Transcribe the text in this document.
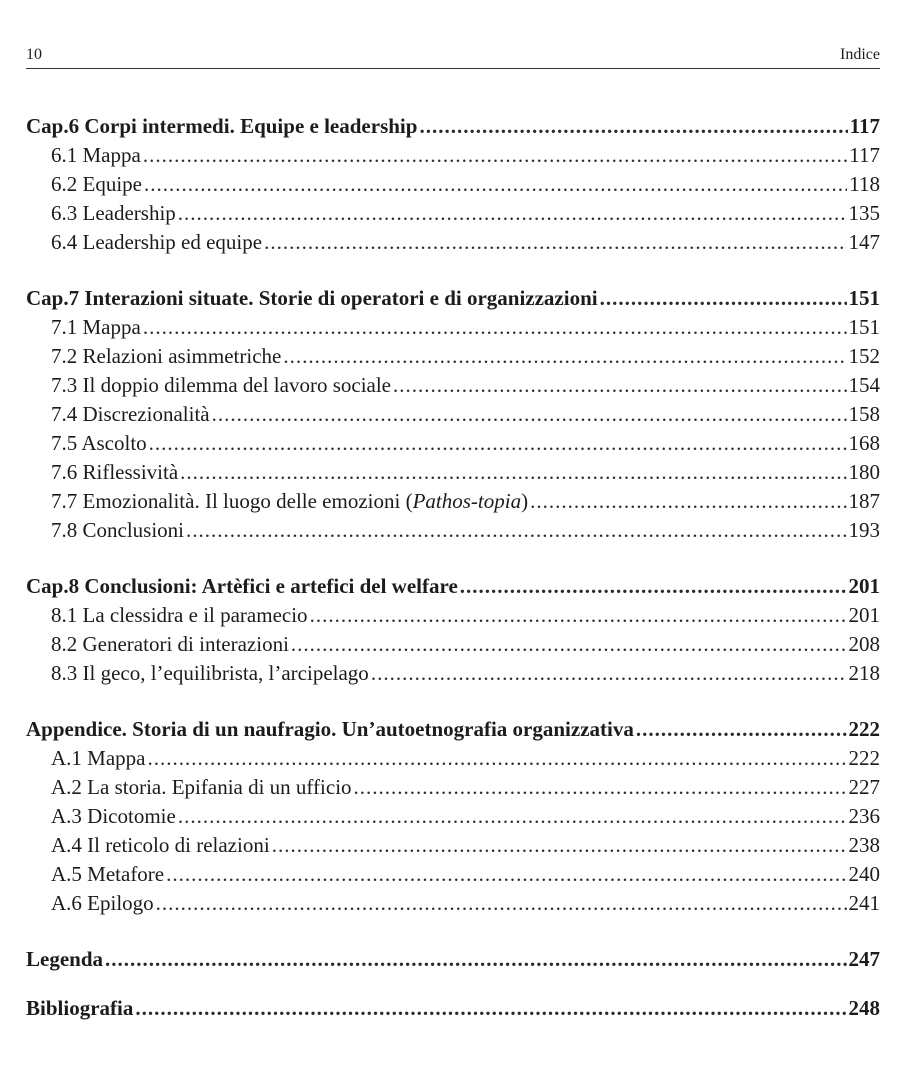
10	Indice
Cap.6 Corpi intermedi. Equipe e leadership .....	117
6.1 Mappa .....	117
6.2 Equipe .....	118
6.3 Leadership .....	135
6.4 Leadership ed equipe .....	147
Cap.7 Interazioni situate. Storie di operatori e di organizzazioni .....	151
7.1 Mappa .....	151
7.2 Relazioni asimmetriche .....	152
7.3 Il doppio dilemma del lavoro sociale .....	154
7.4 Discrezionalità .....	158
7.5 Ascolto .....	168
7.6 Riflessività .....	180
7.7 Emozionalità. Il luogo delle emozioni (Pathos-topia) .....	187
7.8 Conclusioni .....	193
Cap.8 Conclusioni: Artèfici e artefici del welfare .....	201
8.1 La clessidra e il paramecio .....	201
8.2 Generatori di interazioni .....	208
8.3 Il geco, l’equilibrista, l’arcipelago .....	218
Appendice. Storia di un naufragio. Un’autoetnografia organizzativa .....	222
A.1 Mappa .....	222
A.2 La storia. Epifania di un ufficio .....	227
A.3 Dicotomie .....	236
A.4 Il reticolo di relazioni .....	238
A.5 Metafore .....	240
A.6 Epilogo .....	241
Legenda .....	247
Bibliografia .....	248
